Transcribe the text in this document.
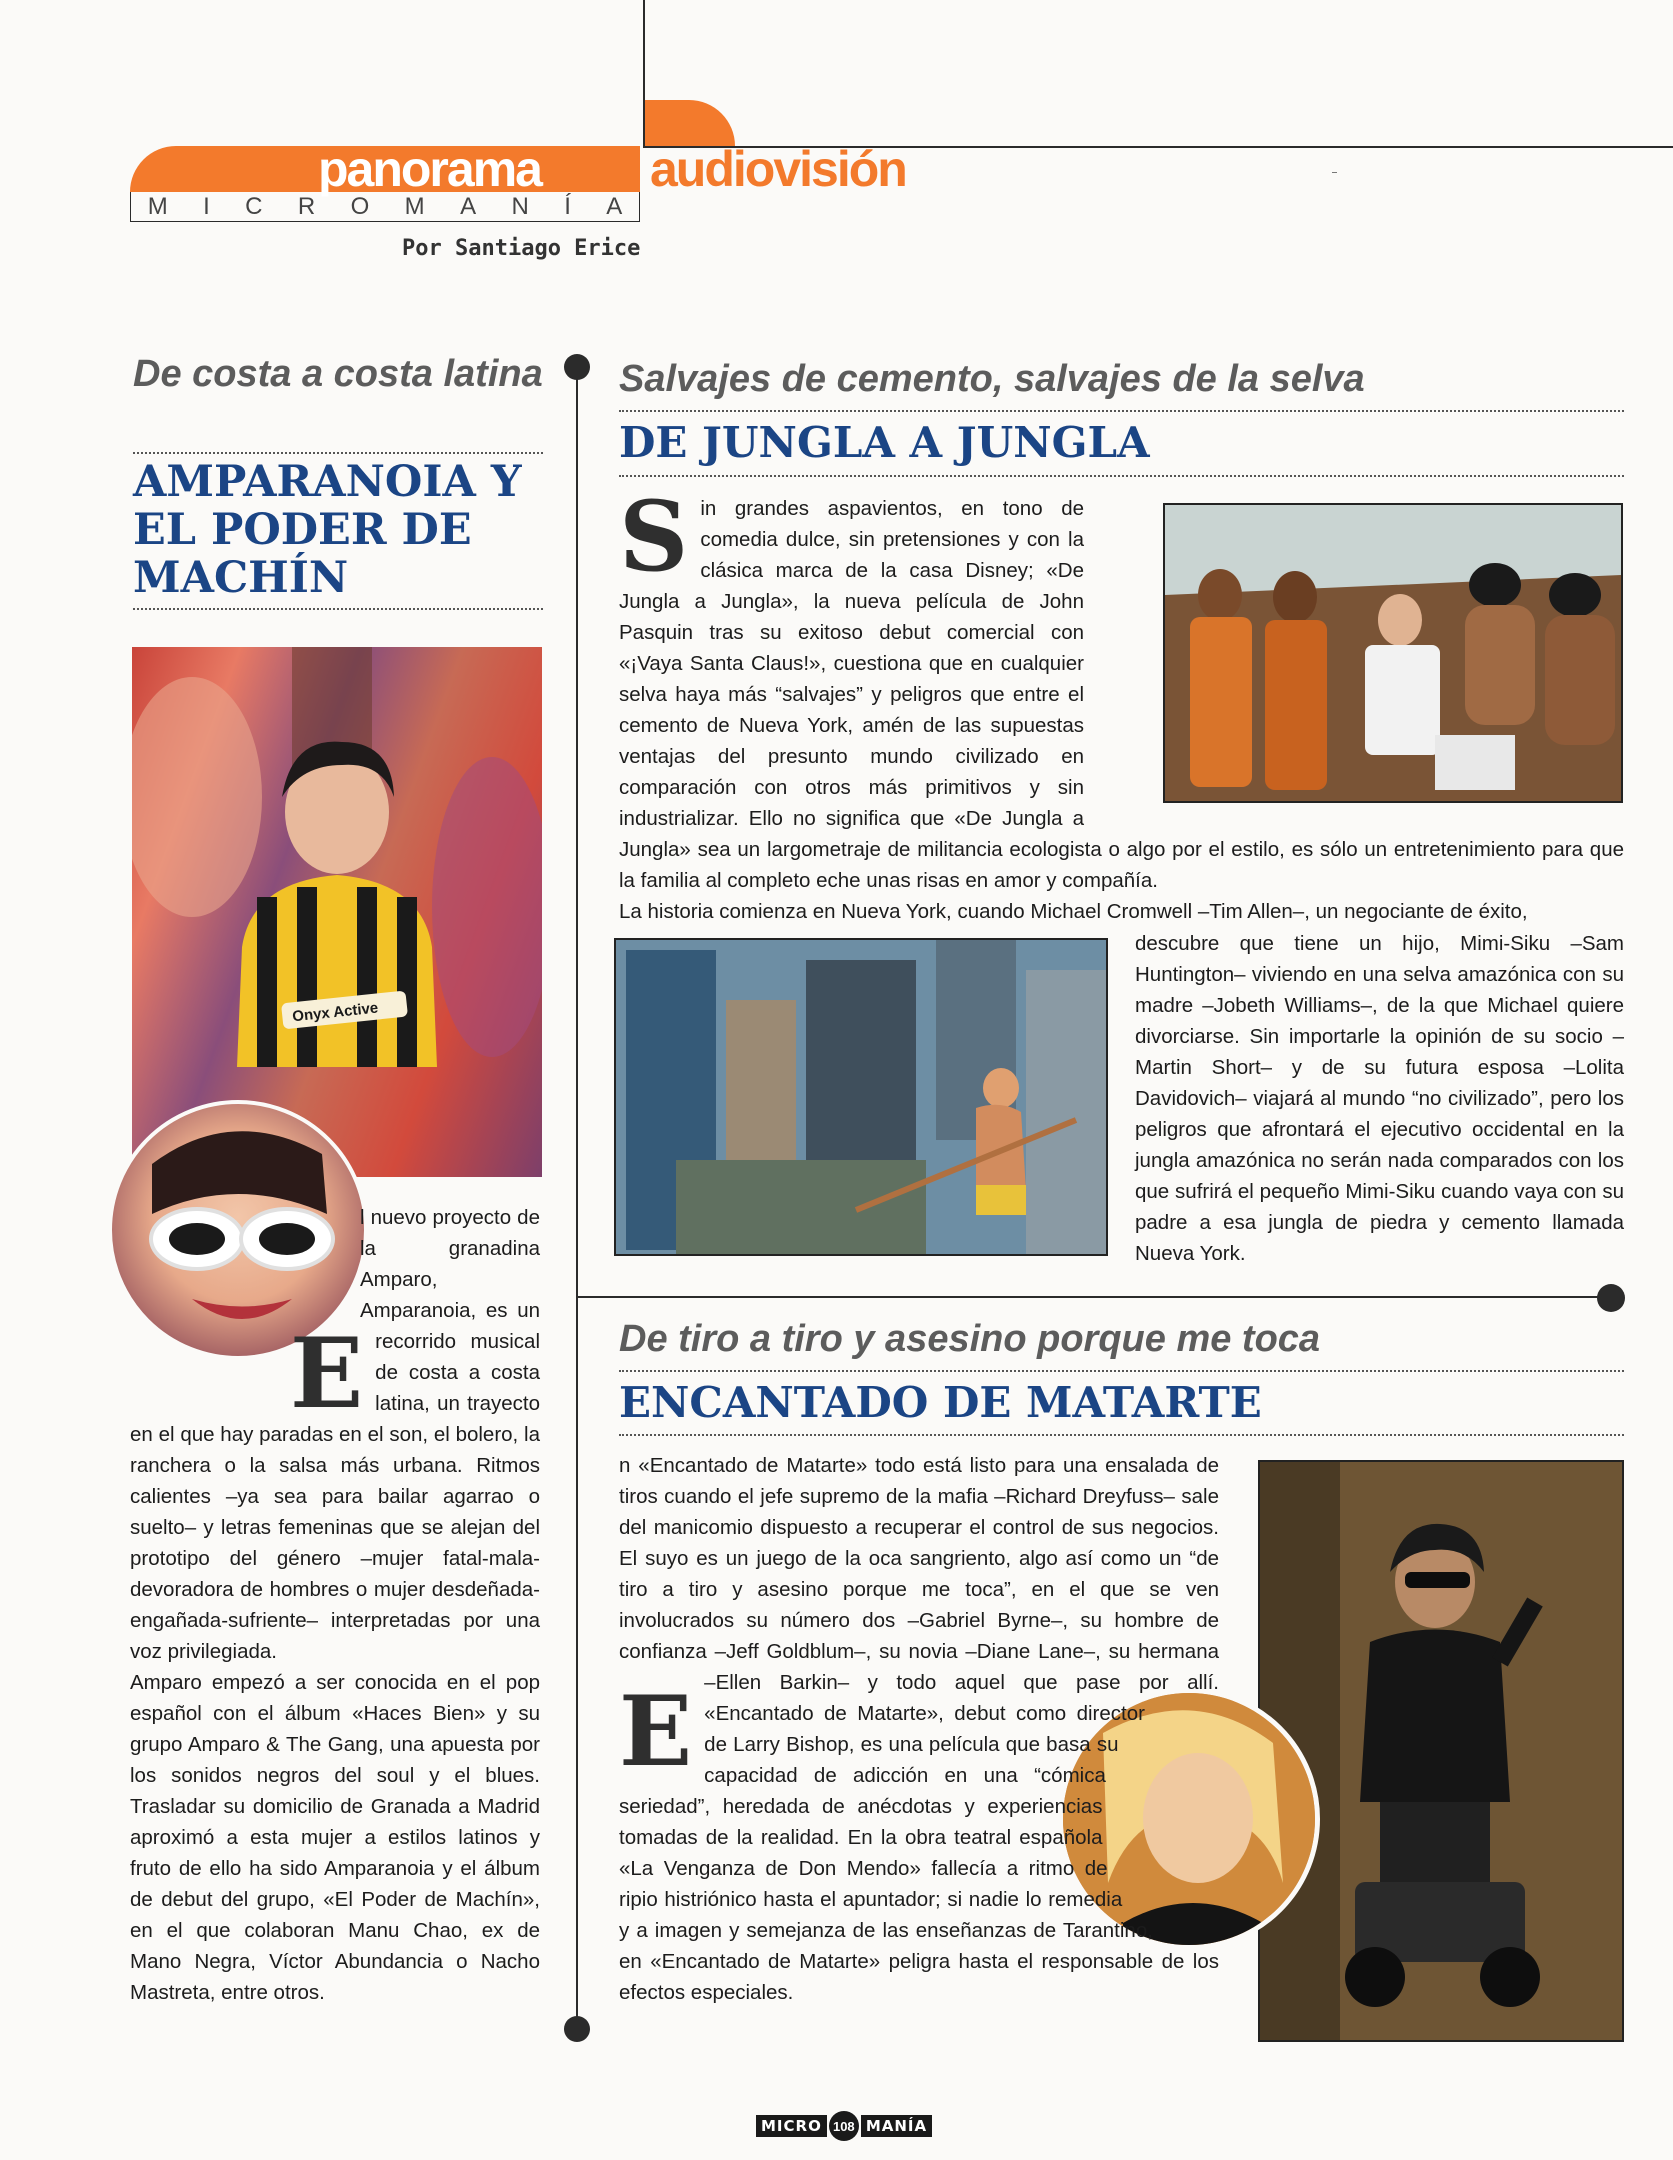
panorama audiovisión
M I C R O M A N Í A
Por Santiago Erice
De costa a costa latina
AMPARANOIA Y EL PODER DE MACHÍN
Onyx Active
E

l nuevo proyecto de la granadina Amparo, Amparanoia, es un recorrido musical de costa a costa latina, un trayecto en el que hay paradas en el son, el bolero, la ranchera o la salsa más urbana. Ritmos calientes –ya sea para bailar agarrao o suelto– y letras femeninas que se alejan del prototipo del género –mujer fatal-mala-devoradora de hombres o mujer desdeñada-engañada-sufriente– interpretadas por una voz privilegiada.

Amparo empezó a ser conocida en el pop español con el álbum «Haces Bien» y su grupo Amparo & The Gang, una apuesta por los sonidos negros del soul y el blues. Trasladar su domicilio de Granada a Madrid aproximó a esta mujer a estilos latinos y fruto de ello ha sido Amparanoia y el álbum de debut del grupo, «El Poder de Machín», en el que colaboran Manu Chao, ex de Mano Negra, Víctor Abundancia o Nacho Mastreta, entre otros.

Salvajes de cemento, salvajes de la selva
DE JUNGLA A JUNGLA
S in grandes aspavientos, en tono de comedia dulce, sin pretensiones y con la clásica marca de la casa Disney; «De Jungla a Jungla», la nueva película de John Pasquin tras su exitoso debut comercial con «¡Vaya Santa Claus!», cuestiona que en cualquier selva haya más “salvajes” y peligros que entre el cemento de Nueva York, amén de las supuestas ventajas del presunto mundo civilizado en comparación con otros más primitivos y sin industrializar. Ello no significa que «De Jungla a Jungla» sea un largometraje de militancia ecologista o algo por el estilo, es sólo un entretenimiento para que la familia al completo eche unas risas en amor y compañía.

La historia comienza en Nueva York, cuando Michael Cromwell –Tim Allen–, un negociante de éxito,

descubre que tiene un hijo, Mimi-Siku –Sam Huntington– viviendo en una selva amazónica con su madre –Jobeth Williams–, de la que Michael quiere divorciarse. Sin importarle la opinión de su socio –Martin Short– y de su futura esposa –Lolita Davidovich– viajará al mundo “no civilizado”, pero los peligros que afrontará el ejecutivo occidental en la jungla amazónica no serán nada comparados con los que sufrirá el pequeño Mimi-Siku cuando vaya con su padre a esa jungla de piedra y cemento llamada Nueva York.

De tiro a tiro y asesino porque me toca
ENCANTADO DE MATARTE
E

n «Encantado de Matarte» todo está listo para una ensalada de tiros cuando el jefe supremo de la mafia –Richard Dreyfuss– sale del manicomio dispuesto a recuperar el control de sus negocios. El suyo es un juego de la oca sangriento, algo así como un “de tiro a tiro y asesino porque me toca”, en el que se ven involucrados su número dos –Gabriel Byrne–, su hombre de confianza –Jeff Goldblum–, su novia –Diane Lane–, su hermana –Ellen Barkin– y todo aquel que pase por allí. «Encantado de Matarte», debut como director de Larry Bishop, es una película que basa su capacidad de adicción en una “cómica seriedad”, heredada de anécdotas y experiencias tomadas de la realidad. En la obra teatral española «La Venganza de Don Mendo» fallecía a ritmo de ripio histriónico hasta el apuntador; si nadie lo remedia y a imagen y semejanza de las enseñanzas de Tarantino, en «Encantado de Matarte» peligra hasta el responsable de los efectos especiales.

MICRO 108 MANÍA
